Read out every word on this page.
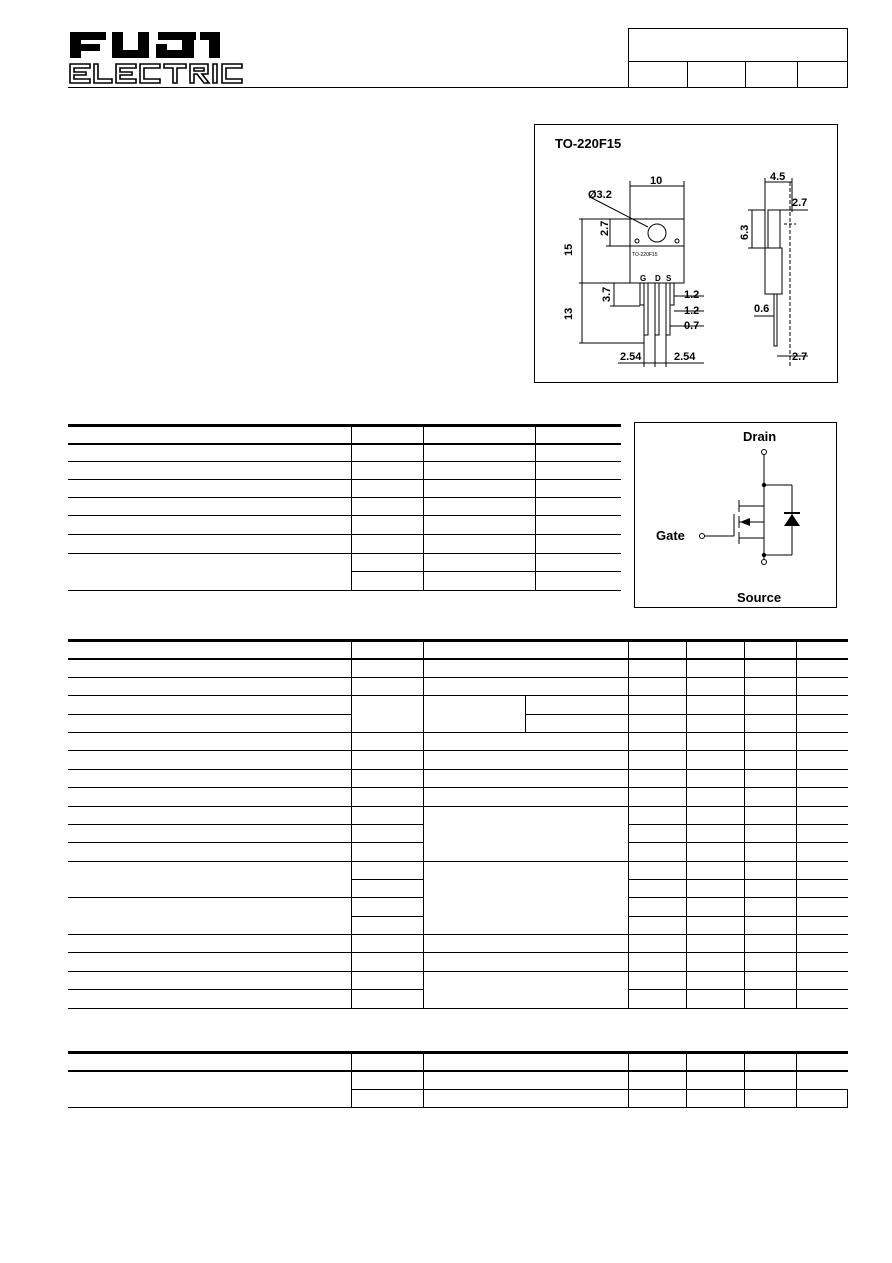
TO-220F15
10
Ø3.2
2.7
15
3.7
13
1.2
1.2
0.7
2.54	2.54
4.5
2.7
6.3
0.6
2.7
G D S
TO-220F15
Drain
Gate
Source
